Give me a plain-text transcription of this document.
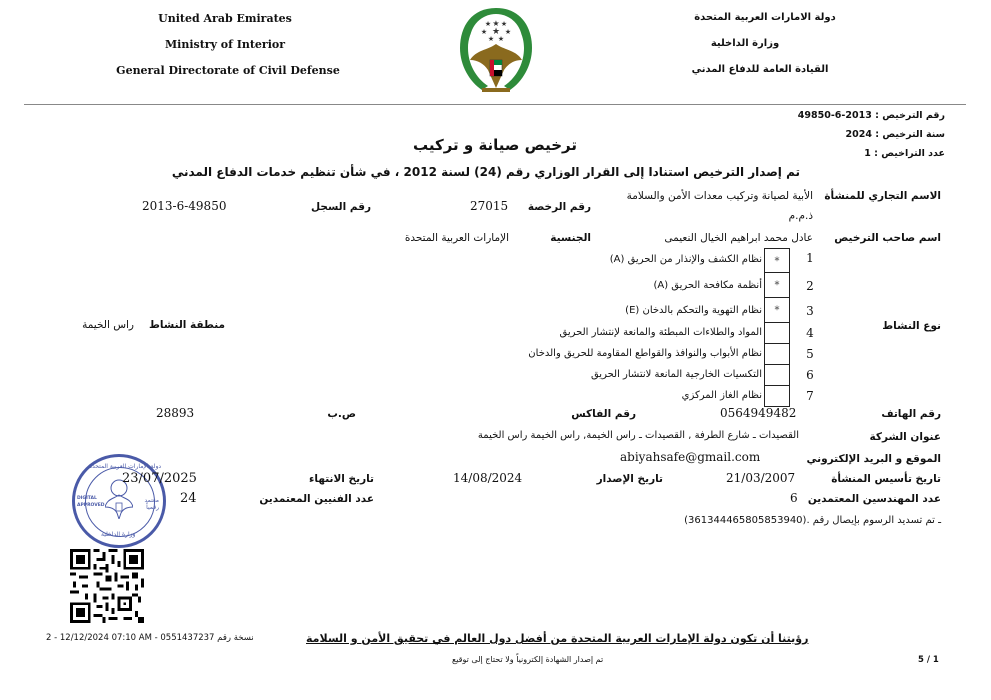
United Arab Emirates
Ministry of Interior
General Directorate of Civil Defense
★
★ ★
★ ★ ★
★ ★
دولة الامارات العربية المتحدة
وزارة الداخلية
القيادة العامة للدفاع المدني
رقم الترخيص : 2013-6-49850
سنة الترخيص : 2024
عدد التراخيص : 1
ترخيص صيانة و تركيب
تم إصدار الترخيص استنادا إلى القرار الوزاري رقم (24) لسنة 2012 ، في شأن تنظيم خدمات الدفاع المدني
الاسم التجاري للمنشأة
الأبية لصيانة وتركيب معدات الأمن والسلامة
ذ.م.م
رقم الرخصة
27015
رقم السجل
2013-6-49850
اسم صاحب الترخيص
عادل محمد ابراهيم الخيال النعيمى
الجنسية
الإمارات العربية المتحدة
نوع النشاط
منطقة النشاط
راس الخيمة
1
*
نظام الكشف والإنذار من الحريق (A)
2
*
أنظمة مكافحة الحريق (A)
3
*
نظام التهوية والتحكم بالدخان (E)
4
المواد والطلاءات المبطئة والمانعة لإنتشار الحريق
5
نظام الأبواب والنوافذ والقواطع المقاومة للحريق والدخان
6
التكسيات الخارجية المانعة لانتشار الحريق
7
نظام الغاز المركزي
رقم الهاتف
0564949482
رقم الفاكس
ص.ب
28893
عنوان الشركة
القصيدات ـ شارع الطرفة , القصيدات ـ راس الخيمة, راس الخيمة راس الخيمة
الموقع و البريد الإلكتروني
abiyahsafe@gmail.com
تاريخ تأسيس المنشأة
21/03/2007
تاريخ الإصدار
14/08/2024
تاريخ الانتهاء
عدد المهندسين المعتمدين
6
عدد الفنيين المعتمدين
ـ تم تسديد الرسوم بإيصال رقم .(361344465805853940)
دولة الإمارات العربية المتحدة
DIGITAL APPROVED
معتمد رقمياً
وزارة الداخلية
23/07/2025
24
رؤيتنا أن تكون دولة الإمارات العربية المتحدة من أفضل دول العالم في تحقيق الأمن و السلامة
2 - 12/12/2024 07:10 AM - 0551437237 نسخة رقم
تم إصدار الشهادة إلكترونياً ولا تحتاج إلى توقيع	5 / 1
